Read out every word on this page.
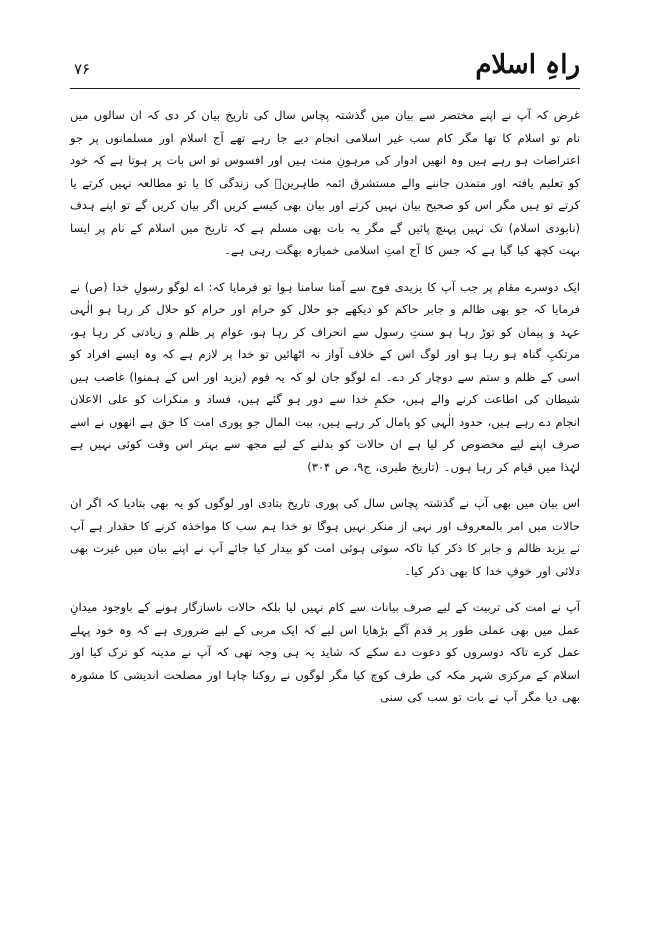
راہِ اسلام
۷۶

غرض کہ آپ نے اپنے مختصر سے بیان میں گذشتہ پچاس سال کی تاریخ بیان کر دی کہ ان سالوں میں نام تو اسلام کا تھا مگر کام سب غیر اسلامی انجام دیے جا رہے تھے آج اسلام اور مسلمانوں پر جو اعتراضات ہو رہے ہیں وہ انھیں ادوار کی مرہونِ منت ہیں اور افسوس تو اس بات پر ہوتا ہے کہ خود کو تعلیم یافتہ اور متمدن جاننے والے مستشرق ائمہ طاہرینؑ کی زندگی کا یا تو مطالعہ نہیں کرتے یا کرتے تو ہیں مگر اس کو صحیح بیان نہیں کرتے اور بیان بھی کیسے کریں اگر بیان کریں گے تو اپنے ہدف (نابودی اسلام) تک نہیں پہنچ پائیں گے مگر یہ بات بھی مسلم ہے کہ تاریخ میں اسلام کے نام پر ایسا بہت کچھ کیا گیا ہے کہ جس کا آج امتِ اسلامی خمیازہ بھگت رہی ہے۔

ایک دوسرے مقام پر جب آپ کا یزیدی فوج سے آمنا سامنا ہوا تو فرمایا کہ: اے لوگو رسولِ خدا (ص) نے فرمایا کہ جو بھی ظالم و جابر حاکم کو دیکھے جو حلال کو حرام اور حرام کو حلال کر رہا ہو الٰہی عہد و پیمان کو توڑ رہا ہو سنتِ رسول سے انحراف کر رہا ہو، عوام پر ظلم و زیادتی کر رہا ہو، مرتکبِ گناہ ہو رہا ہو اور لوگ اس کے خلاف آواز نہ اٹھائیں تو خدا پر لازم ہے کہ وہ ایسے افراد کو اسی کے ظلم و ستم سے دوچار کر دے۔ اے لوگو جان لو کہ یہ قوم (یزید اور اس کے ہمنوا) غاصب ہیں شیطان کی اطاعت کرنے والے ہیں، حکمِ خدا سے دور ہو گئے ہیں، فساد و منکرات کو علی الاعلان انجام دے رہے ہیں، حدود الٰہی کو پامال کر رہے ہیں، بیت المال جو پوری امت کا حق ہے انھوں نے اسے صرف اپنے لیے مخصوص کر لیا ہے ان حالات کو بدلنے کے لیے مجھ سے بہتر اس وقت کوئی نہیں ہے لہٰذا میں قیام کر رہا ہوں۔ (تاریخ طبری، ج۹، ص ۳۰۴)

اس بیان میں بھی آپ نے گذشتہ پچاس سال کی پوری تاریخ بتادی اور لوگوں کو یہ بھی بتادیا کہ اگر ان حالات میں امر بالمعروف اور نہی از منکر نہیں ہوگا تو خدا ہم سب کا مواخذہ کرنے کا حقدار ہے آپ نے یزید ظالم و جابر کا ذکر کیا تاکہ سوئی ہوئی امت کو بیدار کیا جائے آپ نے اپنے بیان میں غیرت بھی دلائی اور خوفِ خدا کا بھی ذکر کیا۔

آپ نے امت کی تربیت کے لیے صرف بیانات سے کام نہیں لیا بلکہ حالات ناسازگار ہونے کے باوجود میدانِ عمل میں بھی عملی طور پر قدم آگے بڑھایا اس لیے کہ ایک مربی کے لیے ضروری ہے کہ وہ خود پہلے عمل کرے تاکہ دوسروں کو دعوت دے سکے کہ شاید یہ ہی وجہ تھی کہ آپ نے مدینہ کو ترک کیا اور اسلام کے مرکزی شہر مکہ کی طرف کوچ کیا مگر لوگوں نے روکنا چاہا اور مصلحت اندیشی کا مشورہ بھی دیا مگر آپ نے بات تو سب کی سنی
